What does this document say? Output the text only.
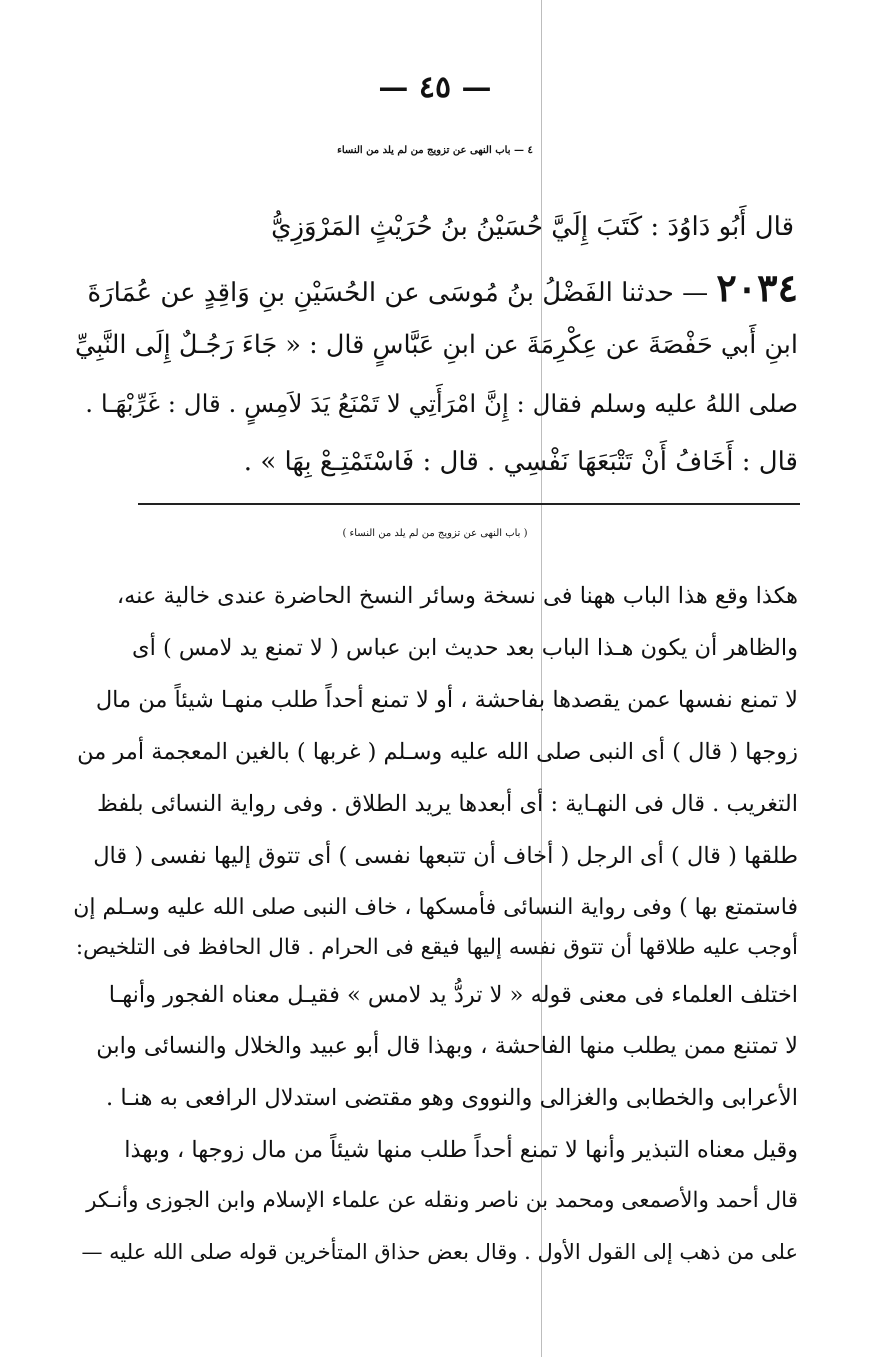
— ٤٥ —
٤ — باب النهى عن تزويج من لم يلد من النساء
قال أَبُو دَاوُدَ : كَتَبَ إِلَيَّ حُسَيْنُ بنُ حُرَيْثٍ المَرْوَزِيُّ
٢٠٣٤ — حدثنا الفَضْلُ بنُ مُوسَى عن الحُسَيْنِ بنِ وَاقِدٍ عن عُمَارَةَ
ابنِ أَبي حَفْصَةَ عن عِكْرِمَةَ عن ابنِ عَبَّاسٍ قال : « جَاءَ رَجُـلٌ إِلَى النَّبِيِّ
صلى اللهُ عليه وسلم فقال : إِنَّ امْرَأَتِي لا تَمْنَعُ يَدَ لاَمِسٍ . قال : غَرِّبْهَـا .
قال : أَخَافُ أَنْ تَتْبَعَهَا نَفْسِي . قال : فَاسْتَمْتِـعْ بِهَا » .
( باب النهى عن تزويج من لم يلد من النساء )
هكذا وقع هذا الباب ههنا فى نسخة وسائر النسخ الحاضرة عندى خالية عنه،
والظاهر أن يكون هـذا الباب بعد حديث ابن عباس ( لا تمنع يد لامس ) أى
لا تمنع نفسها عمن يقصدها بفاحشة ، أو لا تمنع أحداً طلب منهـا شيئاً من مال
زوجها ( قال ) أى النبى صلى الله عليه وسـلم ( غربها ) بالغين المعجمة أمر من
التغريب . قال فى النهـاية : أى أبعدها يريد الطلاق . وفى رواية النسائى بلفظ
طلقها ( قال ) أى الرجل ( أخاف أن تتبعها نفسى ) أى تتوق إليها نفسى ( قال
فاستمتع بها ) وفى رواية النسائى فأمسكها ، خاف النبى صلى الله عليه وسـلم إن
أوجب عليه طلاقها أن تتوق نفسه إليها فيقع فى الحرام . قال الحافظ فى التلخيص:
اختلف العلماء فى معنى قوله « لا تردُّ يد لامس » فقيـل معناه الفجور وأنهـا
لا تمتنع ممن يطلب منها الفاحشة ، وبهذا قال أبو عبيد والخلال والنسائى وابن
الأعرابى والخطابى والغزالى والنووى وهو مقتضى استدلال الرافعى به هنـا .
وقيل معناه التبذير وأنها لا تمنع أحداً طلب منها شيئاً من مال زوجها ، وبهذا
قال أحمد والأصمعى ومحمد بن ناصر ونقله عن علماء الإسلام وابن الجوزى وأنـكر
على من ذهب إلى القول الأول . وقال بعض حذاق المتأخرين قوله صلى الله عليه —
